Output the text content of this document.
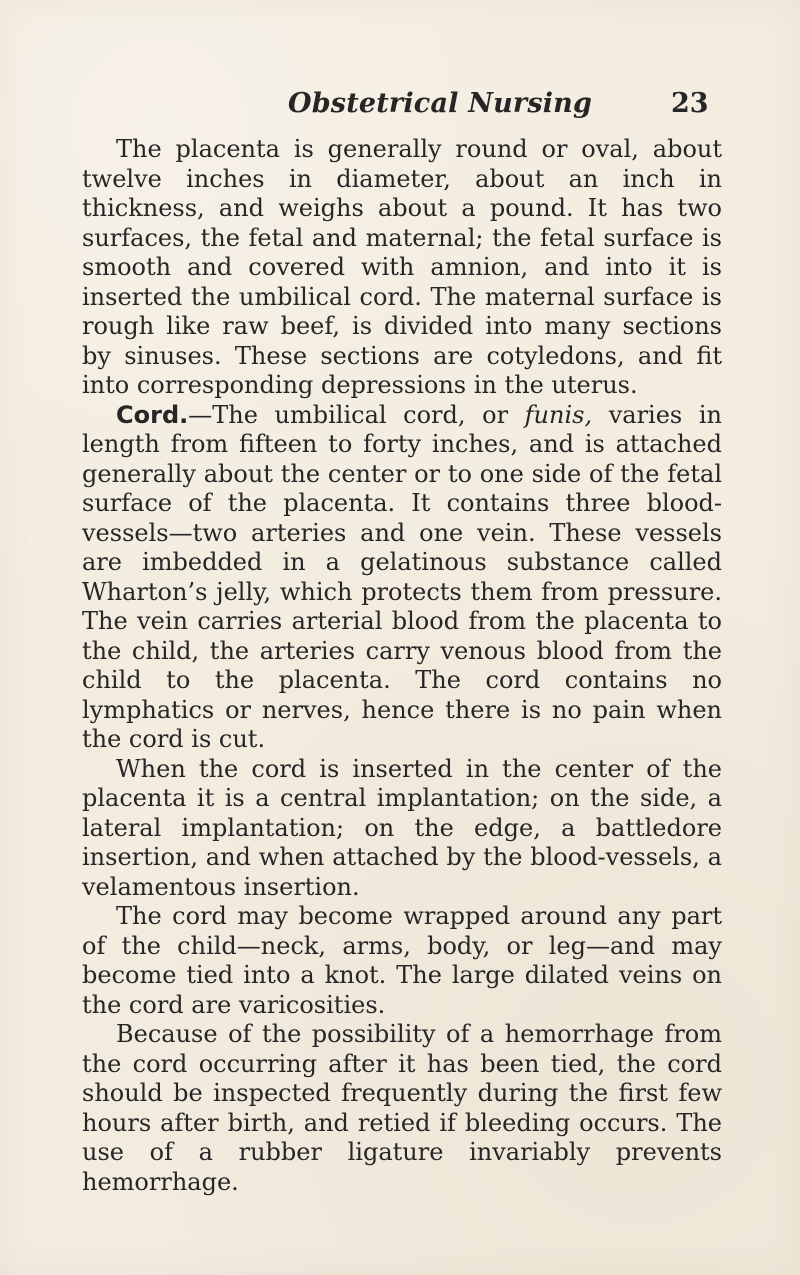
Obstetrical Nursing	23

The placenta is generally round or oval, about twelve inches in diameter, about an inch in thickness, and weighs about a pound. It has two surfaces, the fetal and maternal; the fetal surface is smooth and covered with amnion, and into it is inserted the umbilical cord. The maternal surface is rough like raw beef, is divided into many sections by sinuses. These sections are cotyledons, and fit into corresponding depressions in the uterus.

Cord.—The umbilical cord, or funis, varies in length from fifteen to forty inches, and is attached generally about the center or to one side of the fetal surface of the placenta. It contains three blood-vessels—two arteries and one vein. These vessels are imbedded in a gelatinous substance called Wharton’s jelly, which protects them from pressure. The vein carries arterial blood from the placenta to the child, the arteries carry venous blood from the child to the placenta. The cord contains no lymphatics or nerves, hence there is no pain when the cord is cut.

When the cord is inserted in the center of the placenta it is a central implantation; on the side, a lateral implantation; on the edge, a battledore insertion, and when attached by the blood-vessels, a velamentous insertion.

The cord may become wrapped around any part of the child—neck, arms, body, or leg—and may become tied into a knot. The large dilated veins on the cord are varicosities.

Because of the possibility of a hemorrhage from the cord occurring after it has been tied, the cord should be inspected frequently during the first few hours after birth, and retied if bleeding occurs. The use of a rubber ligature invariably prevents hemorrhage.
